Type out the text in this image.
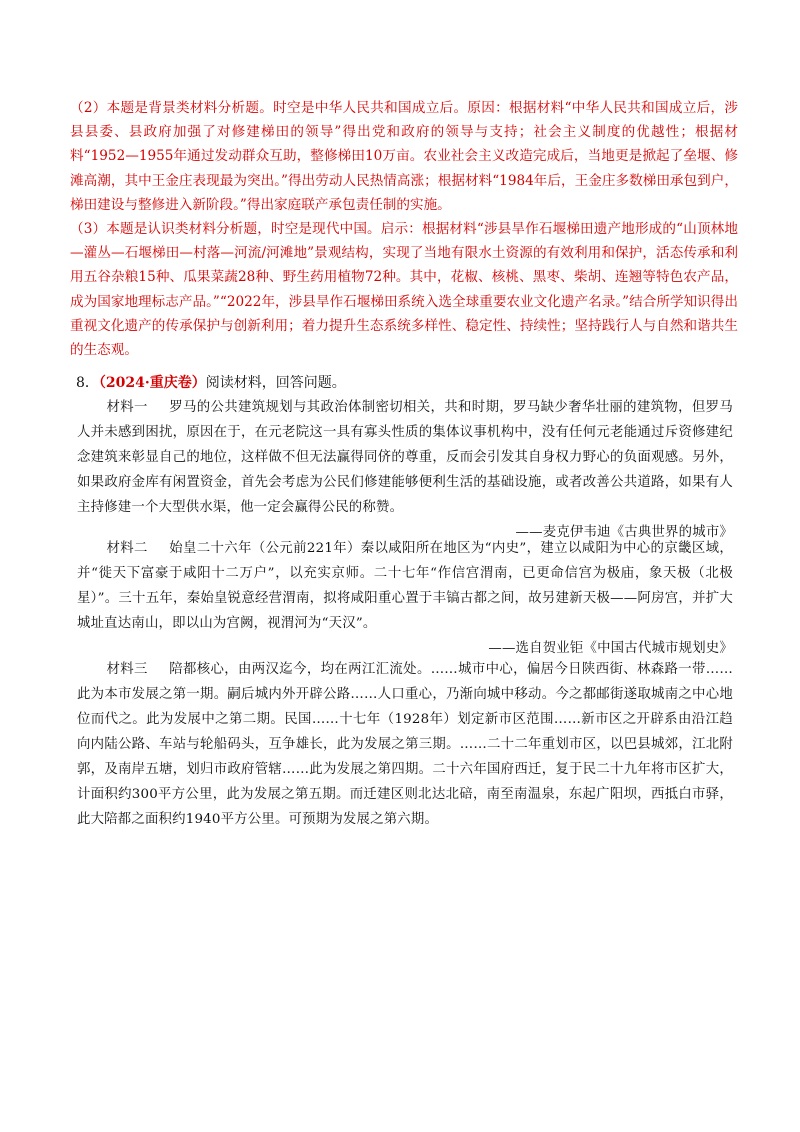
（2）本题是背景类材料分析题。时空是中华人民共和国成立后。原因：根据材料“中华人民共和国成立后，涉县县委、县政府加强了对修建梯田的领导”得出党和政府的领导与支持；社会主义制度的优越性；根据材料“1952—1955年通过发动群众互助，整修梯田10万亩。农业社会主义改造完成后，当地更是掀起了垒堰、修滩高潮，其中王金庄表现最为突出。”得出劳动人民热情高涨；根据材料“1984年后，王金庄多数梯田承包到户，梯田建设与整修进入新阶段。”得出家庭联产承包责任制的实施。

（3）本题是认识类材料分析题，时空是现代中国。启示：根据材料“涉县旱作石堰梯田遗产地形成的“山顶林地—灌丛—石堰梯田—村落—河流/河滩地”景观结构，实现了当地有限水土资源的有效利用和保护，活态传承和利用五谷杂粮15种、瓜果菜蔬28种、野生药用植物72种。其中，花椒、核桃、黑枣、柴胡、连翘等特色农产品，成为国家地理标志产品。”“2022年，涉县旱作石堰梯田系统入选全球重要农业文化遗产名录。”结合所学知识得出重视文化遗产的传承保护与创新利用；着力提升生态系统多样性、稳定性、持续性；坚持践行人与自然和谐共生的生态观。

8．（2024·重庆卷）阅读材料，回答问题。

材料一 罗马的公共建筑规划与其政治体制密切相关，共和时期，罗马缺少奢华壮丽的建筑物，但罗马人并未感到困扰，原因在于，在元老院这一具有寡头性质的集体议事机构中，没有任何元老能通过斥资修建纪念建筑来彰显自己的地位，这样做不但无法赢得同侪的尊重，反而会引发其自身权力野心的负面观感。另外，如果政府金库有闲置资金，首先会考虑为公民们修建能够便利生活的基础设施，或者改善公共道路，如果有人主持修建一个大型供水渠，他一定会赢得公民的称赞。

——麦克伊韦迪《古典世界的城市》

材料二 始皇二十六年（公元前221年）秦以咸阳所在地区为“内史”，建立以咸阳为中心的京畿区域，并“徙天下富豪于咸阳十二万户”，以充实京师。二十七年“作信宫渭南，已更命信宫为极庙，象天极（北极星）”。三十五年，秦始皇锐意经营渭南，拟将咸阳重心置于丰镐古都之间，故另建新天极——阿房宫，并扩大城址直达南山，即以山为宫阙，视渭河为“天汉”。

——选自贺业钜《中国古代城市规划史》

材料三 陪都核心，由两汉迄今，均在两江汇流处。……城市中心，偏居今日陕西街、林森路一带……此为本市发展之第一期。嗣后城内外开辟公路……人口重心，乃渐向城中移动。今之都邮街遂取城南之中心地位而代之。此为发展中之第二期。民国……十七年（1928年）划定新市区范围……新市区之开辟系由沿江趋向内陆公路、车站与轮船码头，互争雄长，此为发展之第三期。……二十二年重划市区，以巴县城郊，江北附郭，及南岸五塘，划归市政府管辖……此为发展之第四期。二十六年国府西迁，复于民二十九年将市区扩大，计面积约300平方公里，此为发展之第五期。而迁建区则北达北碚，南至南温泉，东起广阳坝，西抵白市驿，此大陪都之面积约1940平方公里。可预期为发展之第六期。
